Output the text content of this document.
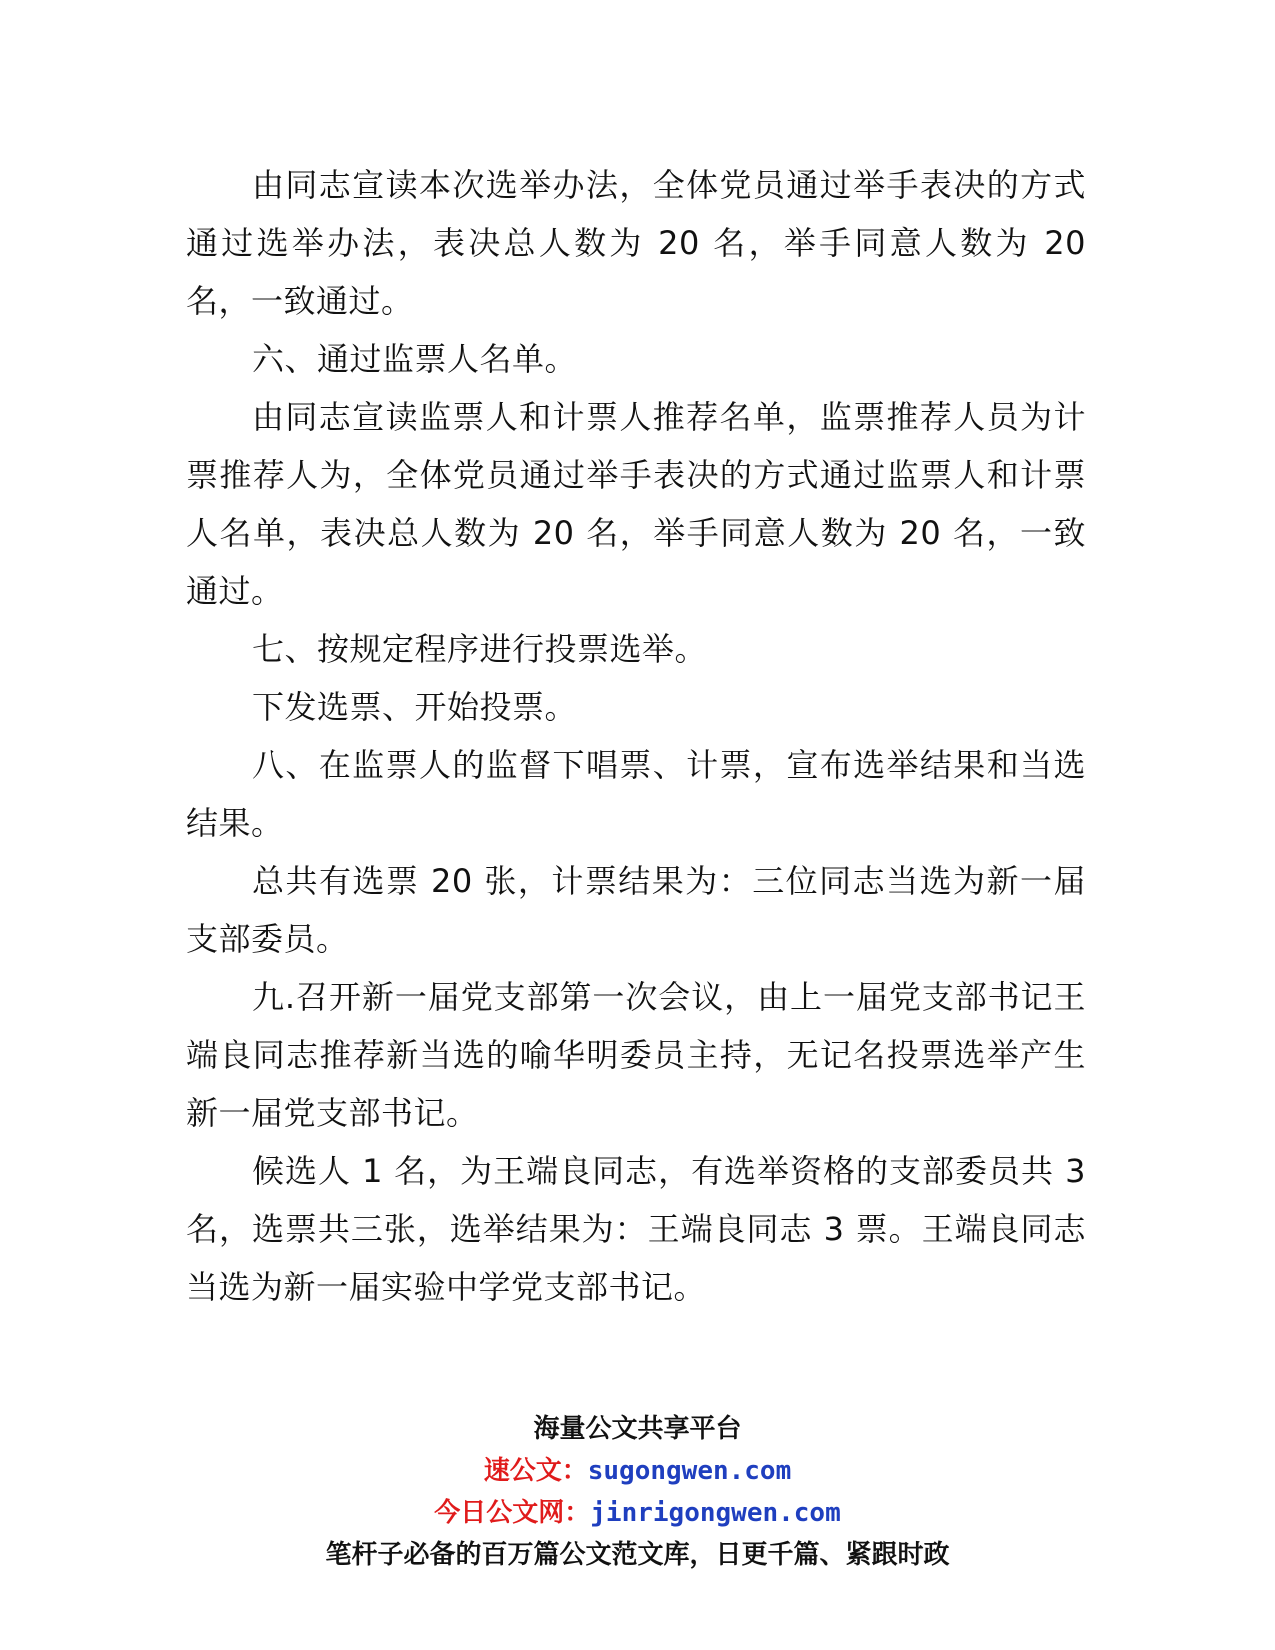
由同志宣读本次选举办法，全体党员通过举手表决的方式通过选举办法，表决总人数为 20 名，举手同意人数为 20 名，一致通过。

六、通过监票人名单。

由同志宣读监票人和计票人推荐名单，监票推荐人员为计票推荐人为，全体党员通过举手表决的方式通过监票人和计票人名单，表决总人数为 20 名，举手同意人数为 20 名，一致通过。

七、按规定程序进行投票选举。

下发选票、开始投票。

八、在监票人的监督下唱票、计票，宣布选举结果和当选结果。

总共有选票 20 张，计票结果为：三位同志当选为新一届支部委员。

九.召开新一届党支部第一次会议，由上一届党支部书记王端良同志推荐新当选的喻华明委员主持，无记名投票选举产生新一届党支部书记。

候选人 1 名，为王端良同志，有选举资格的支部委员共 3 名，选票共三张，选举结果为：王端良同志 3 票。王端良同志当选为新一届实验中学党支部书记。

海量公文共享平台
速公文：sugongwen.com
今日公文网：jinrigongwen.com
笔杆子必备的百万篇公文范文库，日更千篇、紧跟时政
